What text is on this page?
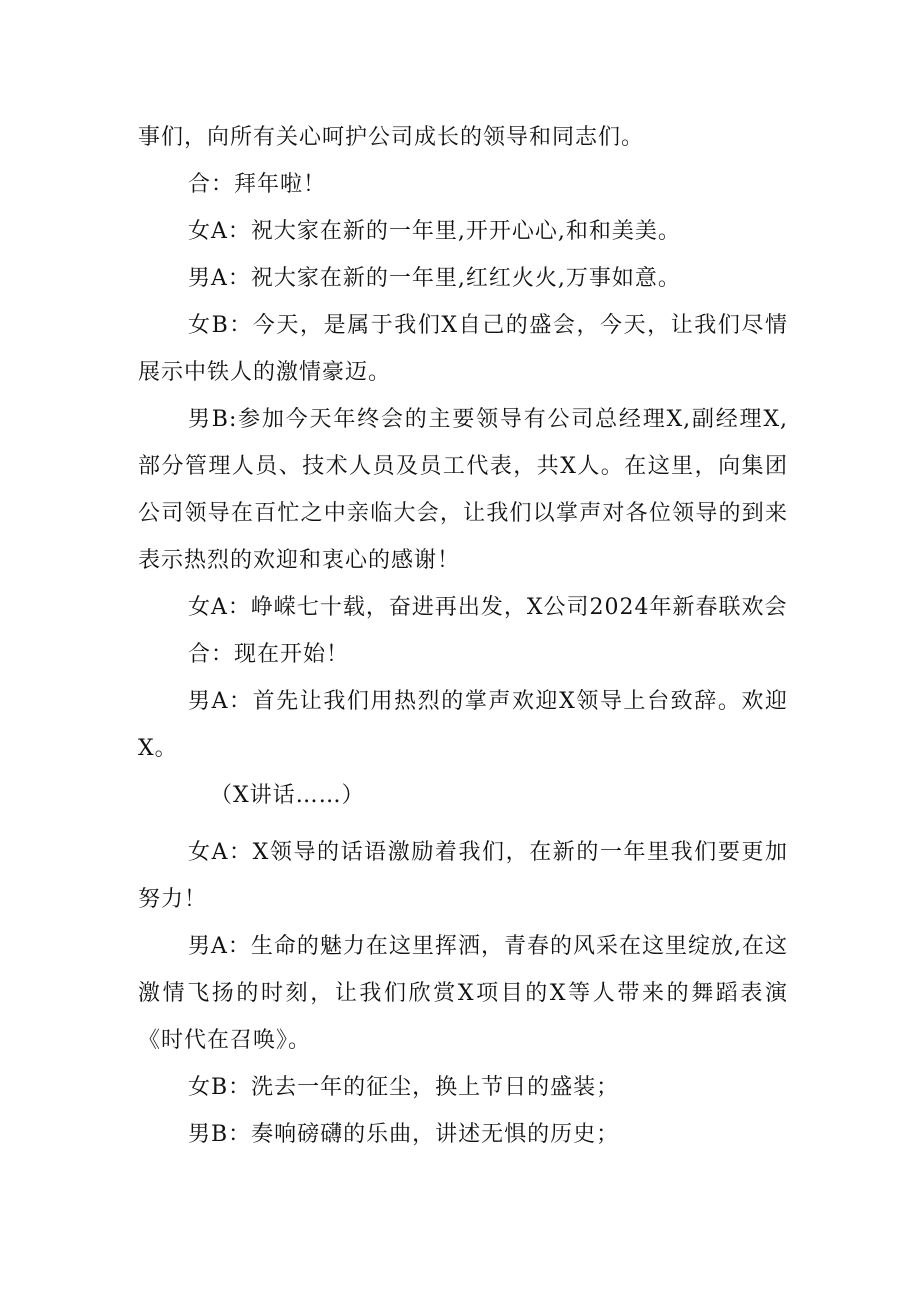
事们，向所有关心呵护公司成长的领导和同志们。

合：拜年啦！

女A：祝大家在新的一年里,开开心心,和和美美。

男A：祝大家在新的一年里,红红火火,万事如意。

女B：今天，是属于我们X自己的盛会，今天，让我们尽情展示中铁人的激情豪迈。

男B:参加今天年终会的主要领导有公司总经理X,副经理X,部分管理人员、技术人员及员工代表，共X人。在这里，向集团公司领导在百忙之中亲临大会，让我们以掌声对各位领导的到来表示热烈的欢迎和衷心的感谢！

女A：峥嵘七十载，奋进再出发，X公司2024年新春联欢会

合：现在开始！

男A：首先让我们用热烈的掌声欢迎X领导上台致辞。欢迎X。

（X讲话……）

女A：X领导的话语激励着我们，在新的一年里我们要更加努力！

男A：生命的魅力在这里挥洒，青春的风采在这里绽放,在这激情飞扬的时刻，让我们欣赏X项目的X等人带来的舞蹈表演《时代在召唤》。

女B：洗去一年的征尘，换上节日的盛装；

男B：奏响磅礴的乐曲，讲述无惧的历史；
